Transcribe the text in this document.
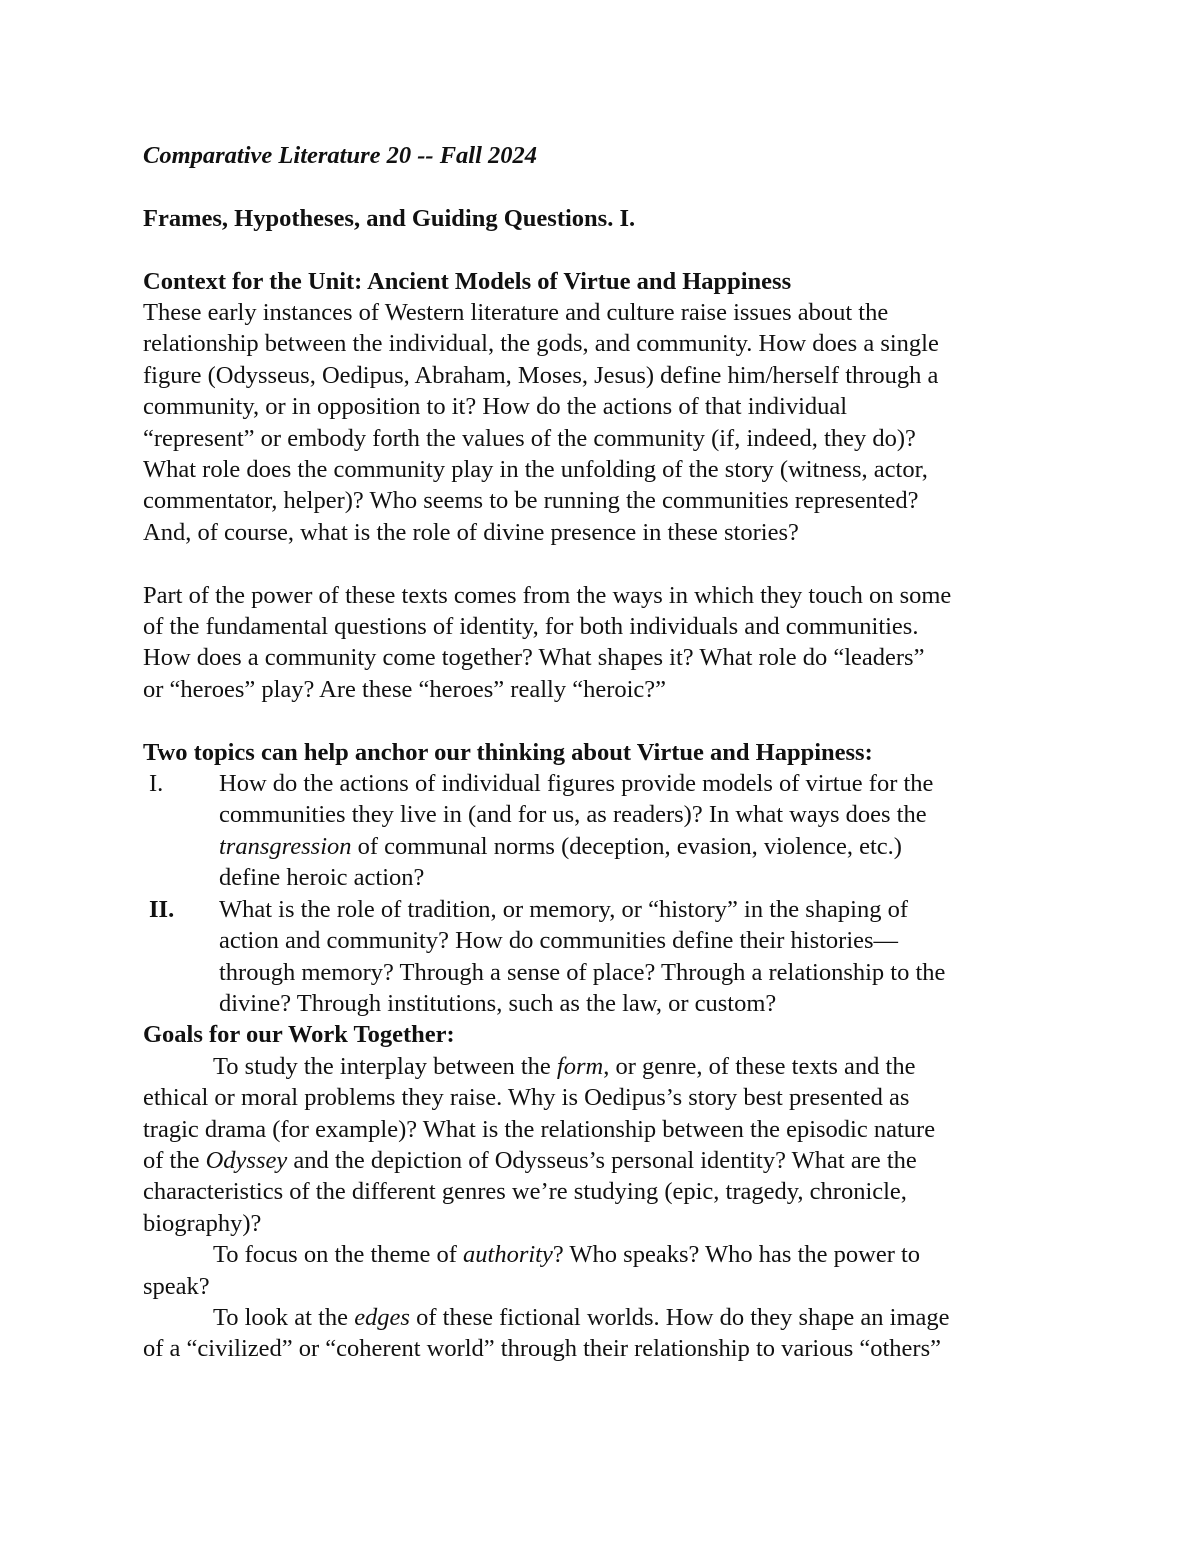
Comparative Literature 20 -- Fall 2024
Frames, Hypotheses, and Guiding Questions. I.
Context for the Unit: Ancient Models of Virtue and Happiness
These early instances of Western literature and culture raise issues about the
relationship between the individual, the gods, and community. How does a single
figure (Odysseus, Oedipus, Abraham, Moses, Jesus) define him/herself through a
community, or in opposition to it? How do the actions of that individual
“represent” or embody forth the values of the community (if, indeed, they do)?
What role does the community play in the unfolding of the story (witness, actor,
commentator, helper)? Who seems to be running the communities represented?
And, of course, what is the role of divine presence in these stories?
Part of the power of these texts comes from the ways in which they touch on some
of the fundamental questions of identity, for both individuals and communities.
How does a community come together? What shapes it? What role do “leaders”
or “heroes” play? Are these “heroes” really “heroic?”
Two topics can help anchor our thinking about Virtue and Happiness:
I. How do the actions of individual figures provide models of virtue for the
communities they live in (and for us, as readers)? In what ways does the
transgression of communal norms (deception, evasion, violence, etc.)
define heroic action?
II. What is the role of tradition, or memory, or “history” in the shaping of
action and community? How do communities define their histories—
through memory? Through a sense of place? Through a relationship to the
divine? Through institutions, such as the law, or custom?
Goals for our Work Together:
To study the interplay between the form, or genre, of these texts and the
ethical or moral problems they raise. Why is Oedipus’s story best presented as
tragic drama (for example)? What is the relationship between the episodic nature
of the Odyssey and the depiction of Odysseus’s personal identity? What are the
characteristics of the different genres we’re studying (epic, tragedy, chronicle,
biography)?
To focus on the theme of authority? Who speaks? Who has the power to
speak?
To look at the edges of these fictional worlds. How do they shape an image
of a “civilized” or “coherent world” through their relationship to various “others”
